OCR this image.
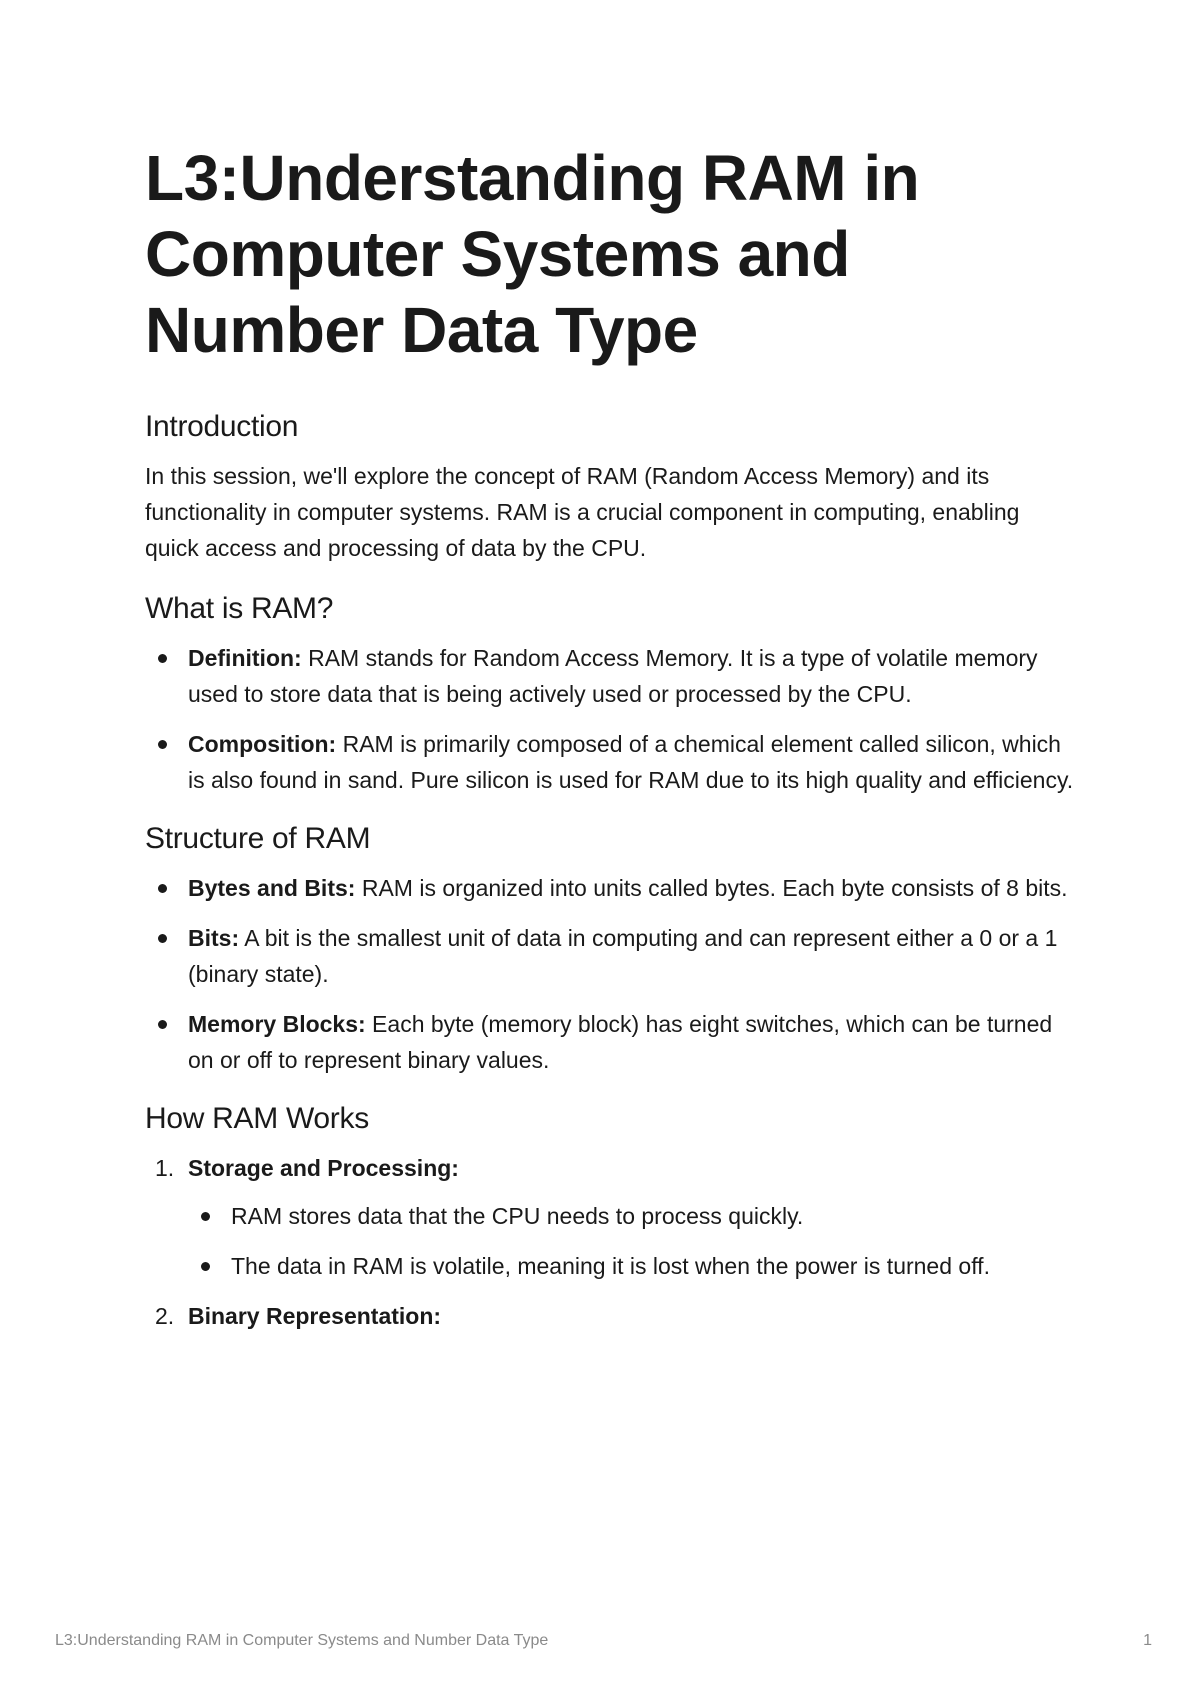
L3:Understanding RAM in Computer Systems and Number Data Type
Introduction

In this session, we'll explore the concept of RAM (Random Access Memory) and its functionality in computer systems. RAM is a crucial component in computing, enabling quick access and processing of data by the CPU.

What is RAM?
Definition: RAM stands for Random Access Memory. It is a type of volatile memory used to store data that is being actively used or processed by the CPU.
Composition: RAM is primarily composed of a chemical element called silicon, which is also found in sand. Pure silicon is used for RAM due to its high quality and efficiency.
Structure of RAM
Bytes and Bits: RAM is organized into units called bytes. Each byte consists of 8 bits.
Bits: A bit is the smallest unit of data in computing and can represent either a 0 or a 1 (binary state).
Memory Blocks: Each byte (memory block) has eight switches, which can be turned on or off to represent binary values.
How RAM Works
1. Storage and Processing:
RAM stores data that the CPU needs to process quickly.
The data in RAM is volatile, meaning it is lost when the power is turned off.
2. Binary Representation:
L3:Understanding RAM in Computer Systems and Number Data Type	1
